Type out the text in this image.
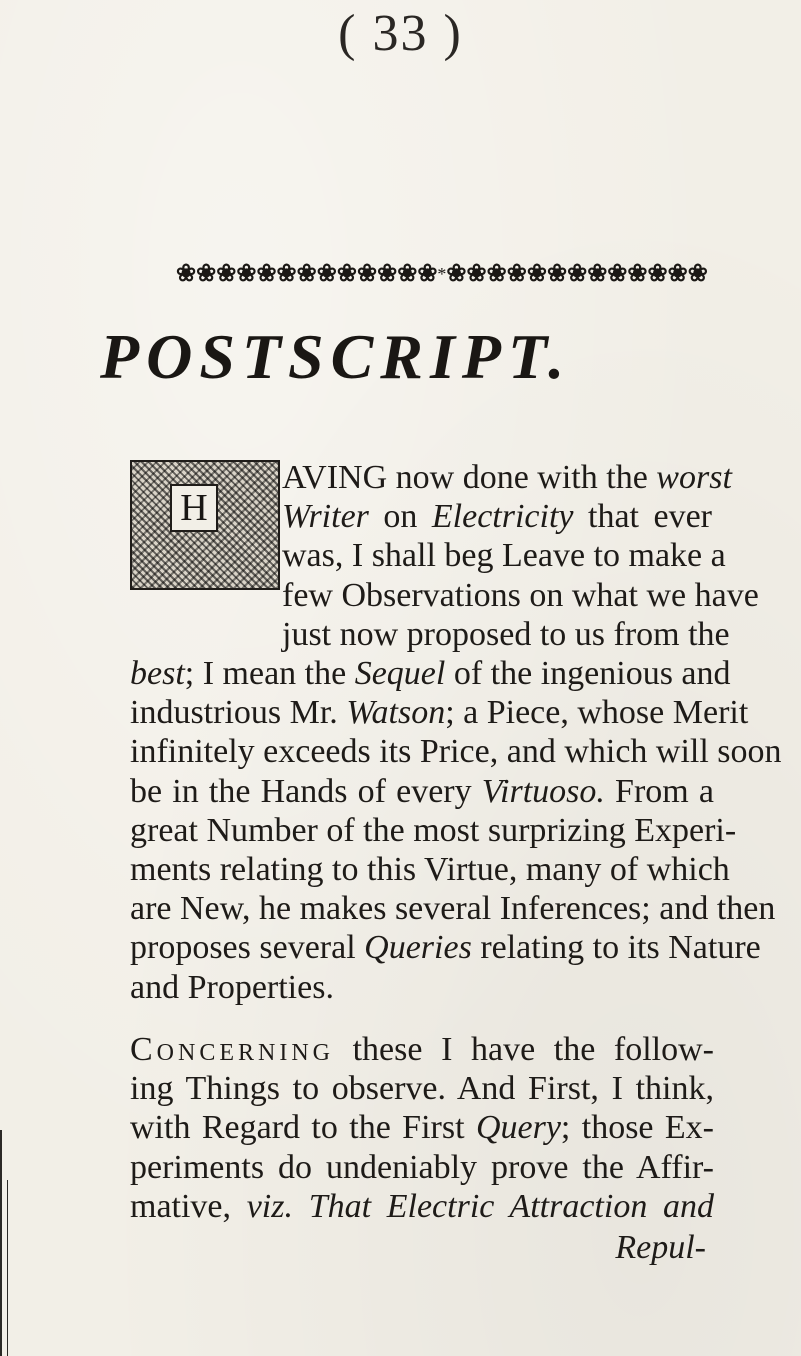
( 33 )
❀ ❀ ❀ ❀ ❀ ❀ ❀ ❀ ❀ ❀ ❀ ❀ ❀ * ❀ ❀ ❀ ❀ ❀ ❀ ❀ ❀ ❀ ❀ ❀ ❀ ❀
POSTSCRIPT.
H
AVING now done with the worst
Writer on Electricity that ever
was, I shall beg Leave to make a
few Observations on what we have
just now proposed to us from the
best; I mean the Sequel of the ingenious and
industrious Mr. Watson; a Piece, whose Merit
infinitely exceeds its Price, and which will soon
be in the Hands of every Virtuoso. From a
great Number of the most surprizing Experi-
ments relating to this Virtue, many of which
are New, he makes several Inferences; and then
proposes several Queries relating to its Nature
and Properties.
Concerning these I have the follow-
ing Things to observe. And First, I think,
with Regard to the First Query; those Ex-
periments do undeniably prove the Affir-
mative, viz. That Electric Attraction and
Repul-
